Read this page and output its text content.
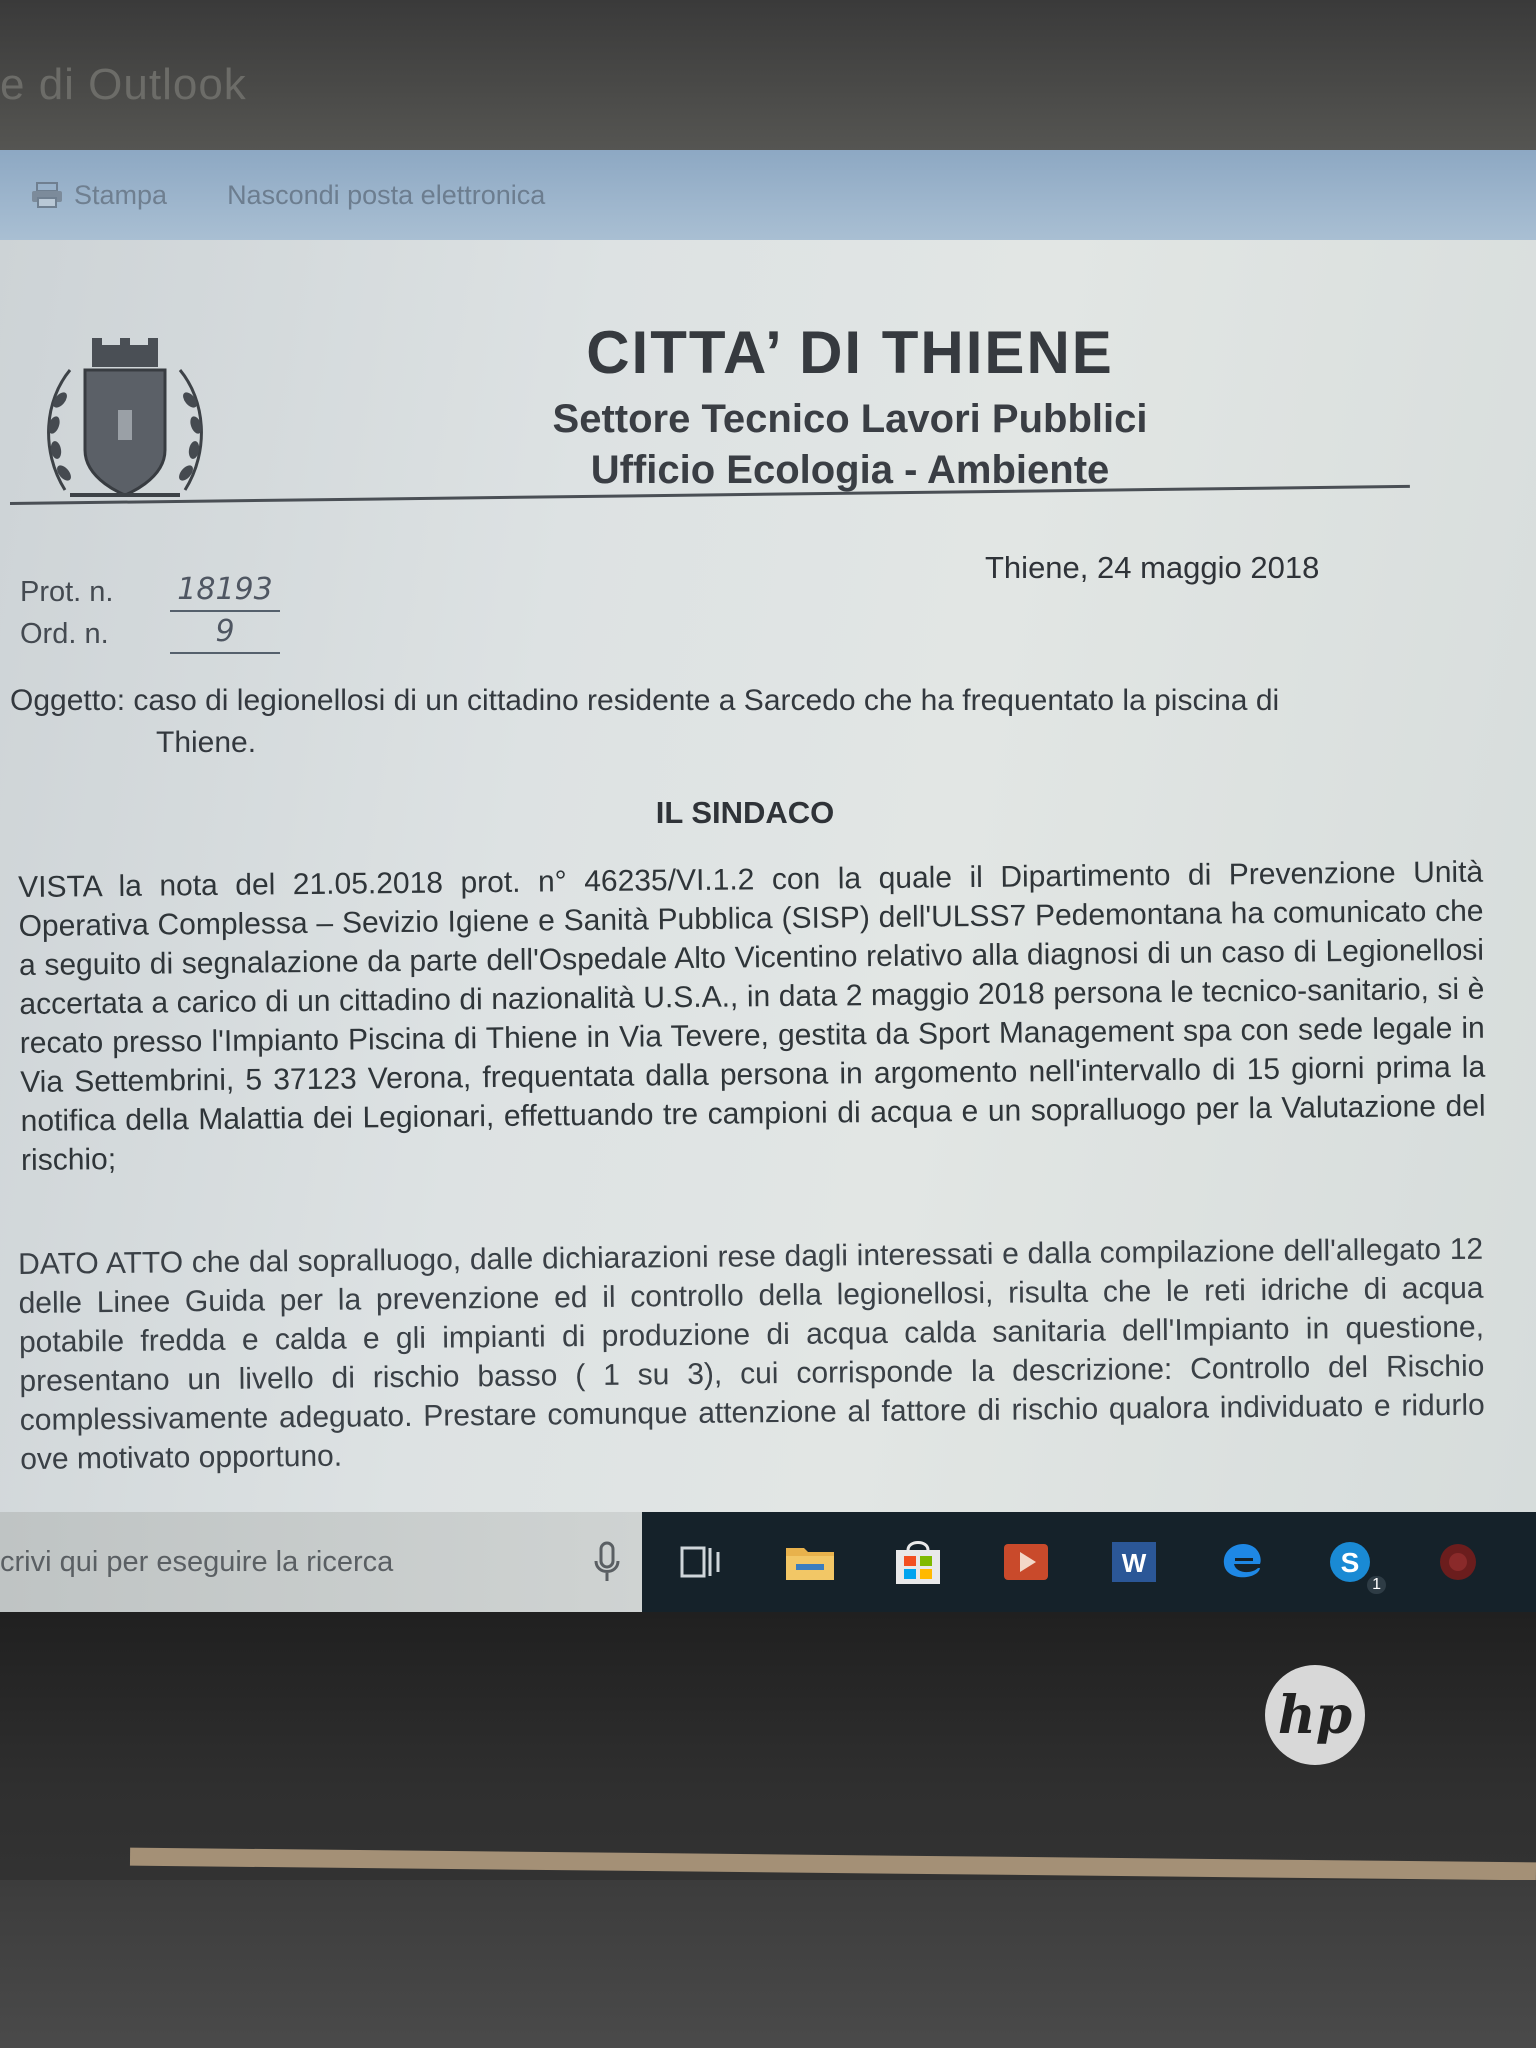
e di Outlook
Stampa Nascondi posta elettronica
CITTA’ DI THIENE
Settore Tecnico Lavori Pubblici
Ufficio Ecologia - Ambiente
Prot. n.	18193
Ord. n.	9
Thiene, 24 maggio 2018
Oggetto: caso di legionellosi di un cittadino residente a Sarcedo che ha frequentato la piscina di
Thiene.
IL SINDACO
VISTA la nota del 21.05.2018 prot. n° 46235/VI.1.2 con la quale il Dipartimento di Prevenzione Unità Operativa Complessa – Sevizio Igiene e Sanità Pubblica (SISP) dell'ULSS7 Pedemontana ha comunicato che a seguito di segnalazione da parte dell'Ospedale Alto Vicentino relativo alla diagnosi di un caso di Legionellosi accertata a carico di un cittadino di nazionalità U.S.A., in data 2 maggio 2018 persona le tecnico-sanitario, si è recato presso l'Impianto Piscina di Thiene in Via Tevere, gestita da Sport Management spa con sede legale in Via Settembrini, 5 37123 Verona, frequentata dalla persona in argomento nell'intervallo di 15 giorni prima la notifica della Malattia dei Legionari, effettuando tre campioni di acqua e un sopralluogo per la Valutazione del rischio;
DATO ATTO che dal sopralluogo, dalle dichiarazioni rese dagli interessati e dalla compilazione dell'allegato 12 delle Linee Guida per la prevenzione ed il controllo della legionellosi, risulta che le reti idriche di acqua potabile fredda e calda e gli impianti di produzione di acqua calda sanitaria dell'Impianto in questione, presentano un livello di rischio basso ( 1 su 3), cui corrisponde la descrizione: Controllo del Rischio complessivamente adeguato. Prestare comunque attenzione al fattore di rischio qualora individuato e ridurlo ove motivato opportuno.
crivi qui per eseguire la ricerca	W	S
1
hp
